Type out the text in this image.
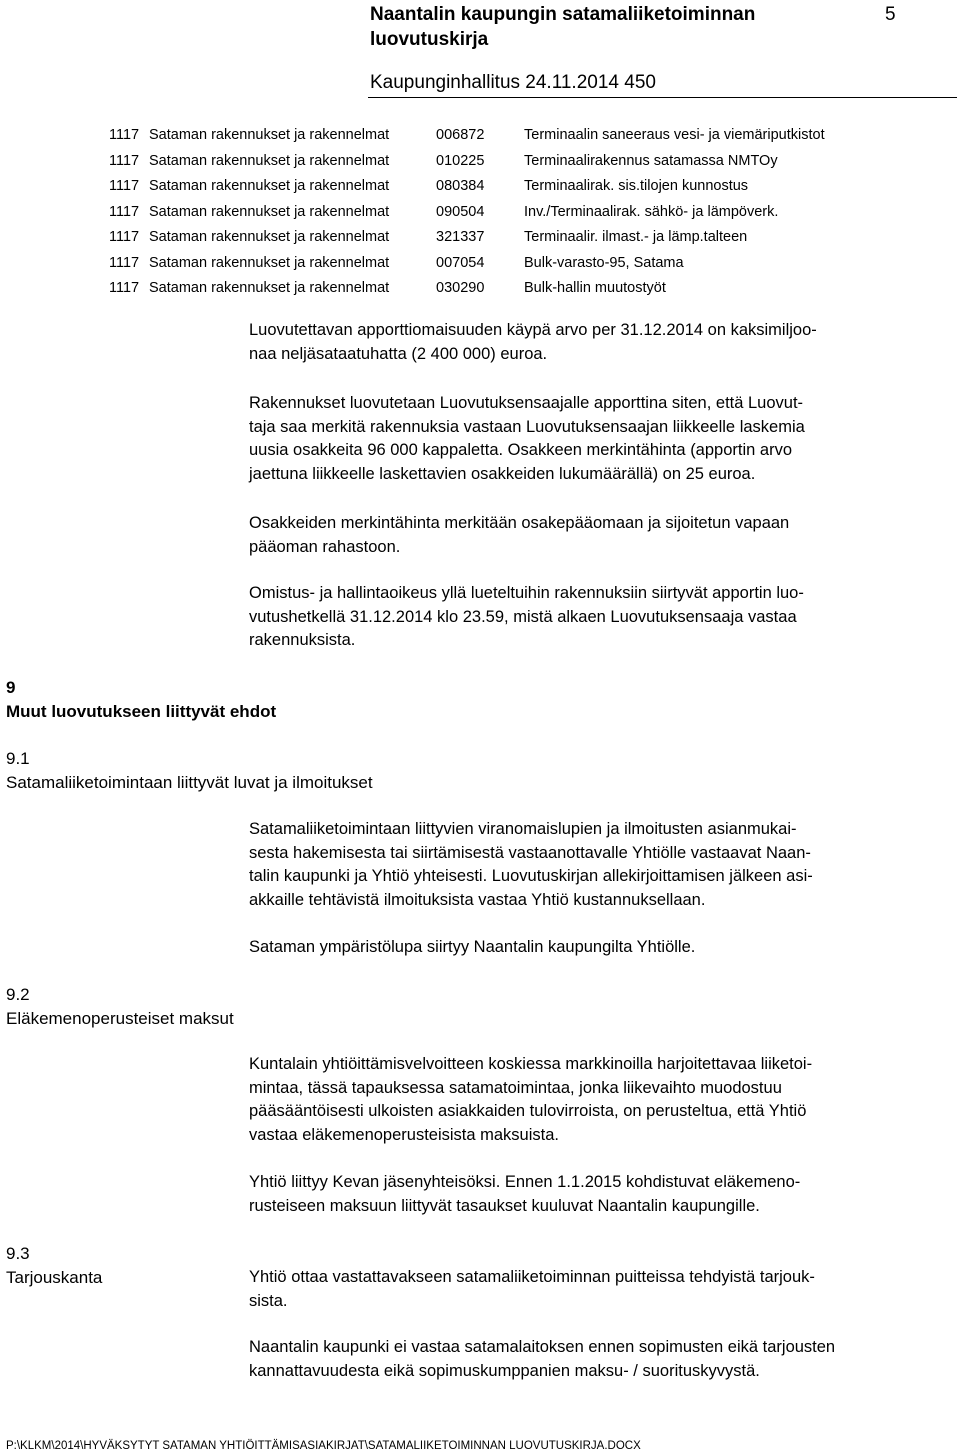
Naantalin kaupungin satamaliiketoiminnan
luovutuskirja
5
Kaupunginhallitus 24.11.2014 450
1117 Sataman rakennukset ja rakennelmat	006872	Terminaalin saneeraus vesi- ja viemäriputkistot
1117 Sataman rakennukset ja rakennelmat	010225	Terminaalirakennus satamassa NMTOy
1117 Sataman rakennukset ja rakennelmat	080384	Terminaalirak. sis.tilojen kunnostus
1117 Sataman rakennukset ja rakennelmat	090504	Inv./Terminaalirak. sähkö- ja lämpöverk.
1117 Sataman rakennukset ja rakennelmat	321337	Terminaalir. ilmast.- ja lämp.talteen
1117 Sataman rakennukset ja rakennelmat	007054	Bulk-varasto-95, Satama
1117 Sataman rakennukset ja rakennelmat	030290	Bulk-hallin muutostyöt
Luovutettavan apporttiomaisuuden käypä arvo per 31.12.2014 on kaksimiljoo-
naa neljäsataatuhatta (2 400 000) euroa.
Rakennukset luovutetaan Luovutuksensaajalle apporttina siten, että Luovut-
taja saa merkitä rakennuksia vastaan Luovutuksensaajan liikkeelle laskemia
uusia osakkeita 96 000 kappaletta. Osakkeen merkintähinta (apportin arvo
jaettuna liikkeelle laskettavien osakkeiden lukumäärällä) on 25 euroa.
Osakkeiden merkintähinta merkitään osakepääomaan ja sijoitetun vapaan
pääoman rahastoon.
Omistus- ja hallintaoikeus yllä lueteltuihin rakennuksiin siirtyvät apportin luo-
vutushetkellä 31.12.2014 klo 23.59, mistä alkaen Luovutuksensaaja vastaa
rakennuksista.
9
Muut luovutukseen liittyvät ehdot
9.1
Satamaliiketoimintaan liittyvät luvat ja ilmoitukset
Satamaliiketoimintaan liittyvien viranomaislupien ja ilmoitusten asianmukai-
sesta hakemisesta tai siirtämisestä vastaanottavalle Yhtiölle vastaavat Naan-
talin kaupunki ja Yhtiö yhteisesti. Luovutuskirjan allekirjoittamisen jälkeen asi-
akkaille tehtävistä ilmoituksista vastaa Yhtiö kustannuksellaan.
Sataman ympäristölupa siirtyy Naantalin kaupungilta Yhtiölle.
9.2
Eläkemenoperusteiset maksut
Kuntalain yhtiöittämisvelvoitteen koskiessa markkinoilla harjoitettavaa liiketoi-
mintaa, tässä tapauksessa satamatoimintaa, jonka liikevaihto muodostuu
pääsääntöisesti ulkoisten asiakkaiden tulovirroista, on perusteltua, että Yhtiö
vastaa eläkemenoperusteisista maksuista.
Yhtiö liittyy Kevan jäsenyhteisöksi. Ennen 1.1.2015 kohdistuvat eläkemeno-
rusteiseen maksuun liittyvät tasaukset kuuluvat Naantalin kaupungille.
9.3
Tarjouskanta	Yhtiö ottaa vastattavakseen satamaliiketoiminnan puitteissa tehdyistä tarjouk-
sista.
Naantalin kaupunki ei vastaa satamalaitoksen ennen sopimusten eikä tarjousten
kannattavuudesta eikä sopimuskumppanien maksu- / suorituskyvystä.
P:\KLKM\2014\HYVÄKSYTYT SATAMAN YHTIÖITTÄMISASIAKIRJAT\SATAMALIIKETOIMINNAN LUOVUTUSKIRJA.DOCX
